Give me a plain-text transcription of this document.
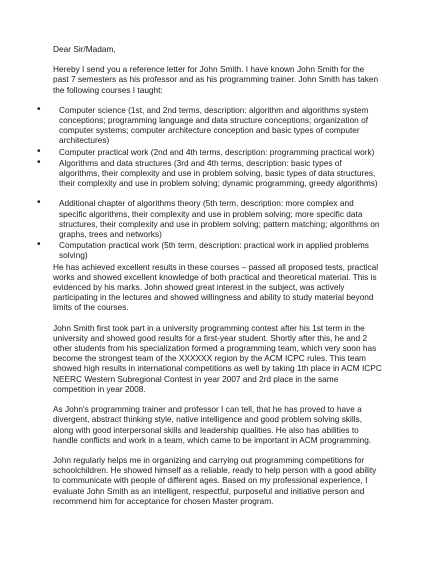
Dear Sir/Madam,

Hereby I send you a reference letter for John Smith. I have known John Smith for the past 7 semesters as his professor and as his programming trainer. John Smith has taken the following courses I taught:

• Computer science (1st, and 2nd terms, description: algorithm and algorithms system conceptions; programming language and data structure conceptions; organization of computer systems; computer architecture conception and basic types of computer architectures)
• Computer practical work (2nd and 4th terms, description: programming practical work)
• Algorithms and data structures (3rd and 4th terms, description: basic types of algorithms, their complexity and use in problem solving, basic types of data structures, their complexity and use in problem solving; dynamic programming, greedy algorithms)
• Additional chapter of algorithms theory (5th term, description: more complex and specific algorithms, their complexity and use in problem solving; more specific data structures, their complexity and use in problem solving; pattern matching; algorithms on graphs, trees and networks)
• Computation practical work (5th term, description: practical work in applied problems solving)

He has achieved excellent results in these courses – passed all proposed tests, practical works and showed excellent knowledge of both practical and theoretical material. This is evidenced by his marks. John showed great interest in the subject, was actively participating in the lectures and showed willingness and ability to study material beyond limits of the courses.

John Smith first took part in a university programming contest after his 1st term in the university and showed good results for a first-year student. Shortly after this, he and 2 other students from his specialization formed a programming team, which very soon has become the strongest team of the XXXXXX region by the ACM ICPC rules. This team showed high results in international competitions as well by taking 1th place in ACM ICPC NEERC Western Subregional Contest in year 2007 and 2rd place in the same competition in year 2008.

As John's programming trainer and professor I can tell, that he has proved to have a divergent, abstract thinking style, native intelligence and good problem solving skills, along with good interpersonal skills and leadership qualities. He also has abilities to handle conflicts and work in a team, which came to be important in ACM programming.

John regularly helps me in organizing and carrying out programming competitions for schoolchildren. He showed himself as a reliable, ready to help person with a good ability to communicate with people of different ages. Based on my professional experience, I evaluate John Smith as an intelligent, respectful, purposeful and initiative person and recommend him for acceptance for chosen Master program.
